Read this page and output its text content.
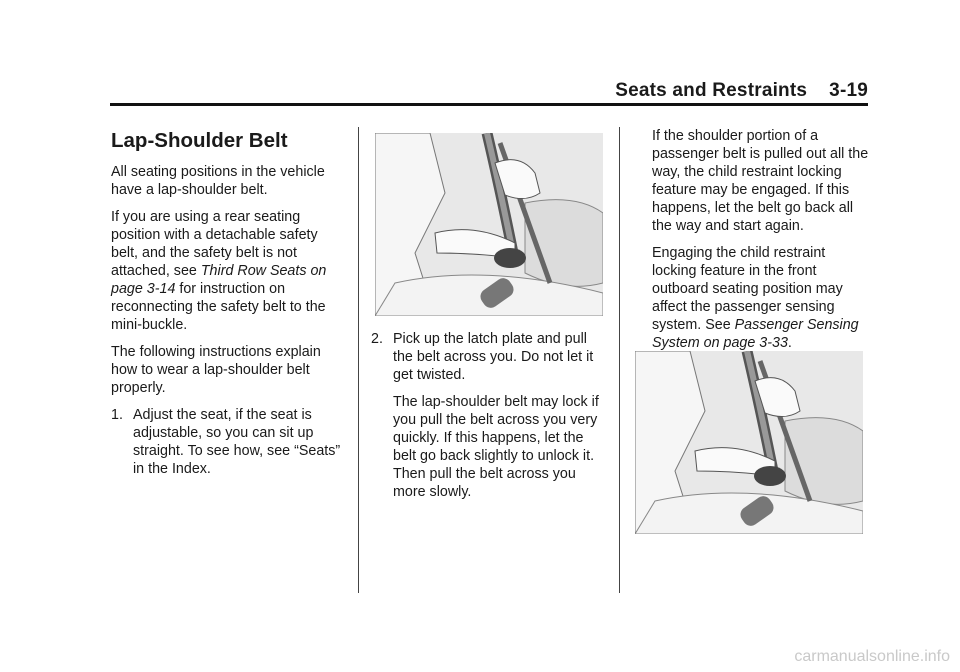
Seats and Restraints 3-19
Lap-Shoulder Belt

All seating positions in the vehicle have a lap-shoulder belt.

If you are using a rear seating position with a detachable safety belt, and the safety belt is not attached, see Third Row Seats on page 3-14 for instruction on reconnecting the safety belt to the mini-buckle.

The following instructions explain how to wear a lap-shoulder belt properly.

1. Adjust the seat, if the seat is adjustable, so you can sit up straight. To see how, see “Seats” in the Index.
2. Pick up the latch plate and pull the belt across you. Do not let it get twisted.

The lap-shoulder belt may lock if you pull the belt across you very quickly. If this happens, let the belt go back slightly to unlock it. Then pull the belt across you more slowly.

If the shoulder portion of a passenger belt is pulled out all the way, the child restraint locking feature may be engaged. If this happens, let the belt go back all the way and start again.

Engaging the child restraint locking feature in the front outboard seating position may affect the passenger sensing system. See Passenger Sensing System on page 3-33.

carmanualsonline.info
